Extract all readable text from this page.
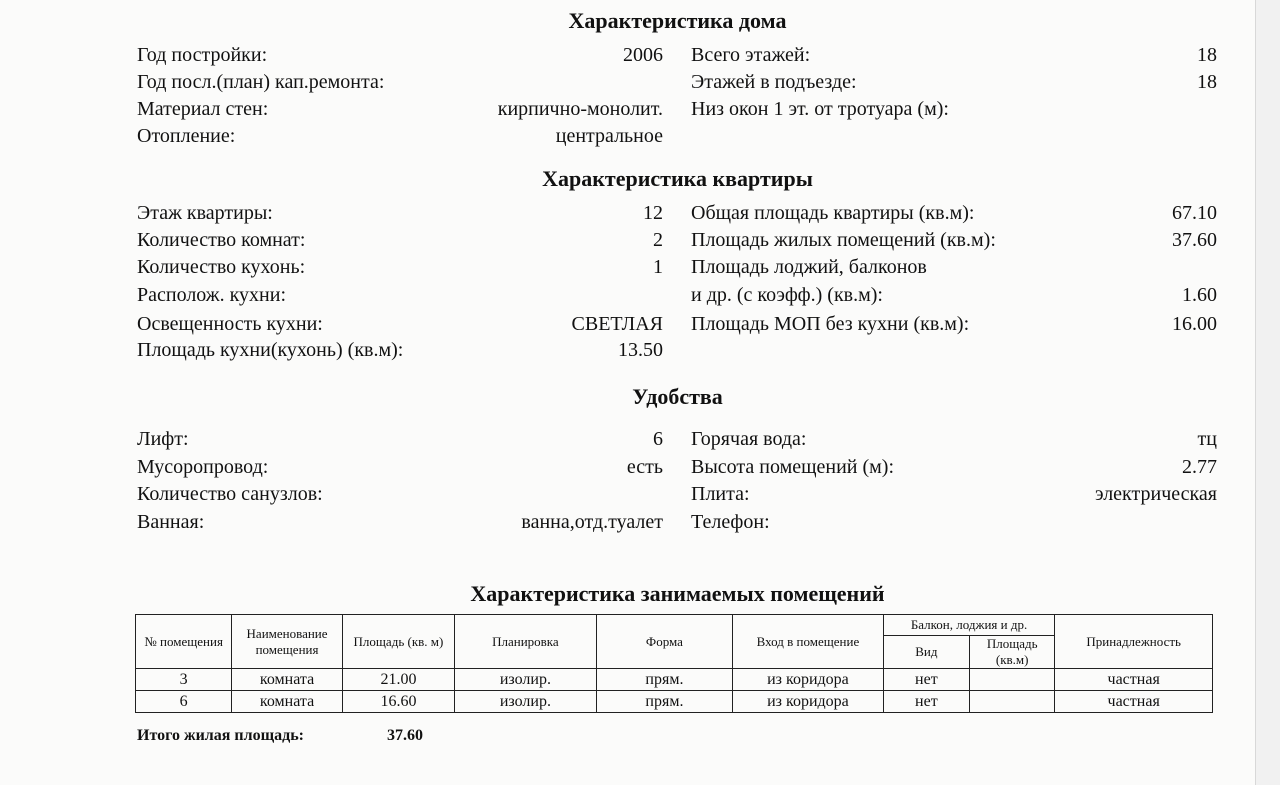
Характеристика дома
Год постройки:	2006 Всего этажей:	18
Год посл.(план) кап.ремонта:	Этажей в подъезде:	18
Материал стен:	кирпично-монолит. Низ окон 1 эт. от тротуара (м):
Отопление:	центральное
Характеристика квартиры
Этаж квартиры:	12 Общая площадь квартиры (кв.м):	67.10
Количество комнат:	2 Площадь жилых помещений (кв.м):	37.60
Количество кухонь:	1 Площадь лоджий, балконов
Располож. кухни:	и др. (с коэфф.) (кв.м):	1.60
Освещенность кухни:	СВЕТЛАЯ Площадь МОП без кухни (кв.м):	16.00
Площадь кухни(кухонь) (кв.м):	13.50
Удобства
Лифт:	6 Горячая вода:	тц
Мусоропровод:	есть Высота помещений (м):	2.77
Количество санузлов:	Плита:	электрическая
Ванная:	ванна,отд.туалет Телефон:
Характеристика занимаемых помещений
№ помещения	Наименование помещения	Площадь (кв. м)	Планировка	Форма	Вход в помещение	Балкон, лоджия и др.		Принадлежность
						Вид	Площадь (кв.м)	
3	комната	21.00	изолир.	прям.	из коридора	нет		частная
6	комната	16.60	изолир.	прям.	из коридора	нет		частная
Итого жилая площадь:	37.60
